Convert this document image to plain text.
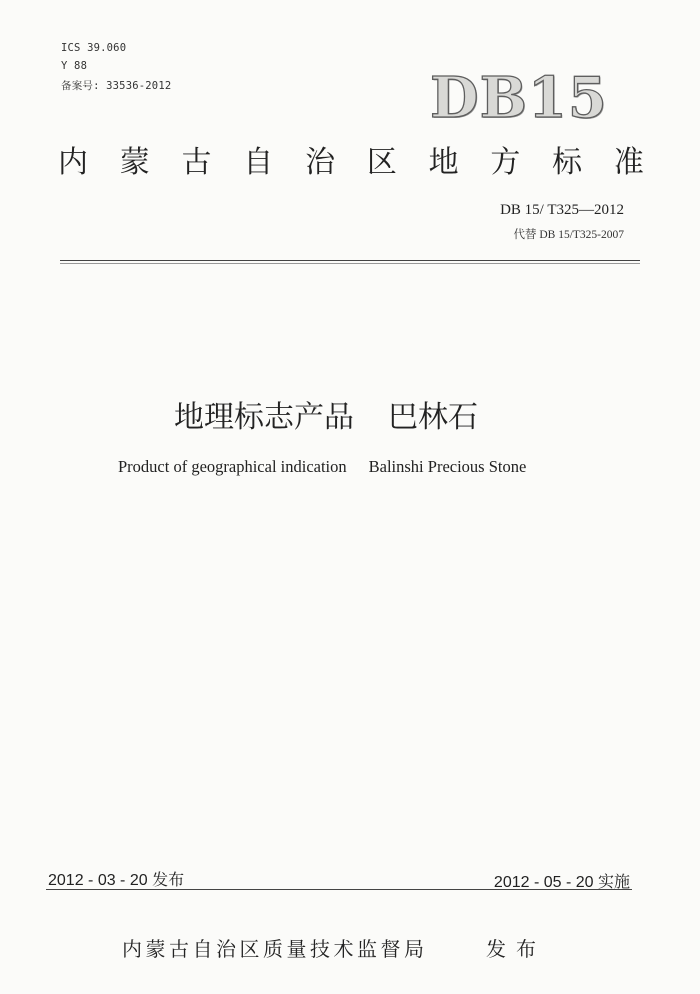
ICS 39.060
Y 88
备案号: 33536-2012	DB15
内 蒙 古 自 治 区 地 方 标 准
DB 15/ T325—2012
代替 DB 15/T325-2007
地理标志产品 巴林石
Product of geographical indication Balinshi Precious Stone
2012 - 03 - 20 发布	2012 - 05 - 20 实施
内蒙古自治区质量技术监督局	发布
